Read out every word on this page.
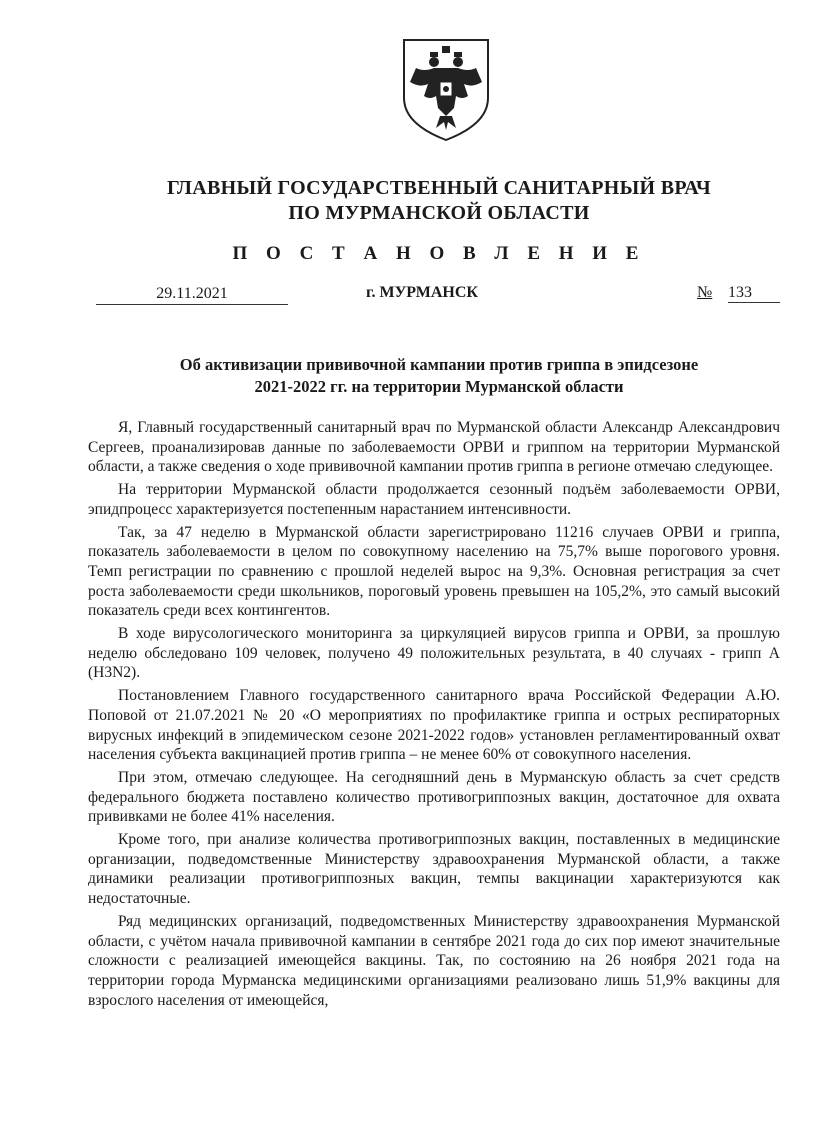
ГЛАВНЫЙ ГОСУДАРСТВЕННЫЙ САНИТАРНЫЙ ВРАЧ
ПО МУРМАНСКОЙ ОБЛАСТИ
П О С Т А Н О В Л Е Н И Е
29.11.2021	г. МУРМАНСК	№ 133
Об активизации прививочной кампании против гриппа в эпидсезоне
2021-2022 гг. на территории Мурманской области

Я, Главный государственный санитарный врач по Мурманской области Александр Александрович Сергеев, проанализировав данные по заболеваемости ОРВИ и гриппом на территории Мурманской области, а также сведения о ходе прививочной кампании против гриппа в регионе отмечаю следующее.

На территории Мурманской области продолжается сезонный подъём заболеваемости ОРВИ, эпидпроцесс характеризуется постепенным нарастанием интенсивности.

Так, за 47 неделю в Мурманской области зарегистрировано 11216 случаев ОРВИ и гриппа, показатель заболеваемости в целом по совокупному населению на 75,7% выше порогового уровня. Темп регистрации по сравнению с прошлой неделей вырос на 9,3%. Основная регистрация за счет роста заболеваемости среди школьников, пороговый уровень превышен на 105,2%, это самый высокий показатель среди всех контингентов.

В ходе вирусологического мониторинга за циркуляцией вирусов гриппа и ОРВИ, за прошлую неделю обследовано 109 человек, получено 49 положительных результата, в 40 случаях - грипп А (H3N2).

Постановлением Главного государственного санитарного врача Российской Федерации А.Ю. Поповой от 21.07.2021 № 20 «О мероприятиях по профилактике гриппа и острых респираторных вирусных инфекций в эпидемическом сезоне 2021-2022 годов» установлен регламентированный охват населения субъекта вакцинацией против гриппа – не менее 60% от совокупного населения.

При этом, отмечаю следующее. На сегодняшний день в Мурманскую область за счет средств федерального бюджета поставлено количество противогриппозных вакцин, достаточное для охвата прививками не более 41% населения.

Кроме того, при анализе количества противогриппозных вакцин, поставленных в медицинские организации, подведомственные Министерству здравоохранения Мурманской области, а также динамики реализации противогриппозных вакцин, темпы вакцинации характеризуются как недостаточные.

Ряд медицинских организаций, подведомственных Министерству здравоохранения Мурманской области, с учётом начала прививочной кампании в сентябре 2021 года до сих пор имеют значительные сложности с реализацией имеющейся вакцины. Так, по состоянию на 26 ноября 2021 года на территории города Мурманска медицинскими организациями реализовано лишь 51,9% вакцины для взрослого населения от имеющейся,
